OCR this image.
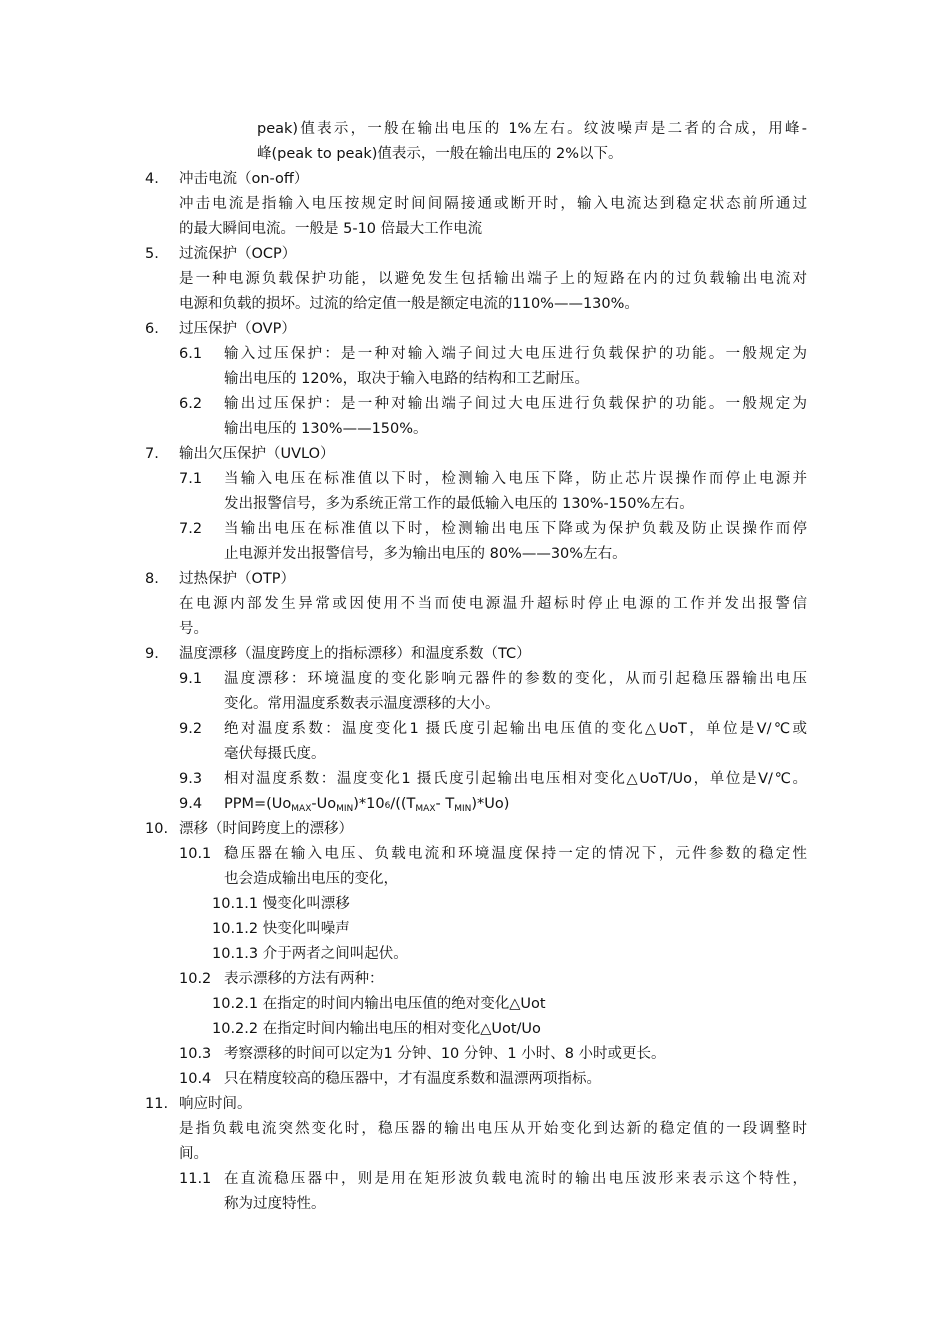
peak)值表示，一般在输出电压的 1%左右。纹波噪声是二者的合成，用峰-
峰(peak to peak)值表示，一般在输出电压的 2%以下。
4. 冲击电流（on-off）
冲击电流是指输入电压按规定时间间隔接通或断开时，输入电流达到稳定状态前所通过
的最大瞬间电流。一般是 5-10 倍最大工作电流
5. 过流保护（OCP）
是一种电源负载保护功能，以避免发生包括输出端子上的短路在内的过负载输出电流对
电源和负载的损坏。过流的给定值一般是额定电流的110%——130%。
6. 过压保护（OVP）
6.1 输入过压保护：是一种对输入端子间过大电压进行负载保护的功能。一般规定为
输出电压的 120%，取决于输入电路的结构和工艺耐压。
6.2 输出过压保护：是一种对输出端子间过大电压进行负载保护的功能。一般规定为
输出电压的 130%——150%。
7. 输出欠压保护（UVLO）
7.1 当输入电压在标准值以下时，检测输入电压下降，防止芯片误操作而停止电源并
发出报警信号，多为系统正常工作的最低输入电压的 130%-150%左右。
7.2 当输出电压在标准值以下时，检测输出电压下降或为保护负载及防止误操作而停
止电源并发出报警信号，多为输出电压的 80%——30%左右。
8. 过热保护（OTP）
在电源内部发生异常或因使用不当而使电源温升超标时停止电源的工作并发出报警信
号。
9. 温度漂移（温度跨度上的指标漂移）和温度系数（TC）
9.1 温度漂移：环境温度的变化影响元器件的参数的变化，从而引起稳压器输出电压
变化。常用温度系数表示温度漂移的大小。
9.2 绝对温度系数：温度变化1 摄氏度引起输出电压值的变化△UoT，单位是V/℃或
毫伏每摄氏度。
9.3 相对温度系数：温度变化1 摄氏度引起输出电压相对变化△UoT/Uo，单位是V/℃。
9.4 $PPM=(Uo_{MAX}-Uo_{MIN})*106/((T_{MAX}-$ $T_{MIN})*Uo$)
10. 漂移（时间跨度上的漂移）
10.1 稳压器在输入电压、负载电流和环境温度保持一定的情况下，元件参数的稳定性
也会造成输出电压的变化，
10.1.1 慢变化叫漂移
10.1.2 快变化叫噪声
10.1.3 介于两者之间叫起伏。
10.2 表示漂移的方法有两种：
10.2.1 在指定的时间内输出电压值的绝对变化△Uot
10.2.2 在指定时间内输出电压的相对变化△Uot/Uo
10.3 考察漂移的时间可以定为1 分钟、10 分钟、1 小时、8 小时或更长。
10.4 只在精度较高的稳压器中，才有温度系数和温漂两项指标。
11. 响应时间。
是指负载电流突然变化时，稳压器的输出电压从开始变化到达新的稳定值的一段调整时
间。
11.1 在直流稳压器中，则是用在矩形波负载电流时的输出电压波形来表示这个特性，
称为过度特性。
